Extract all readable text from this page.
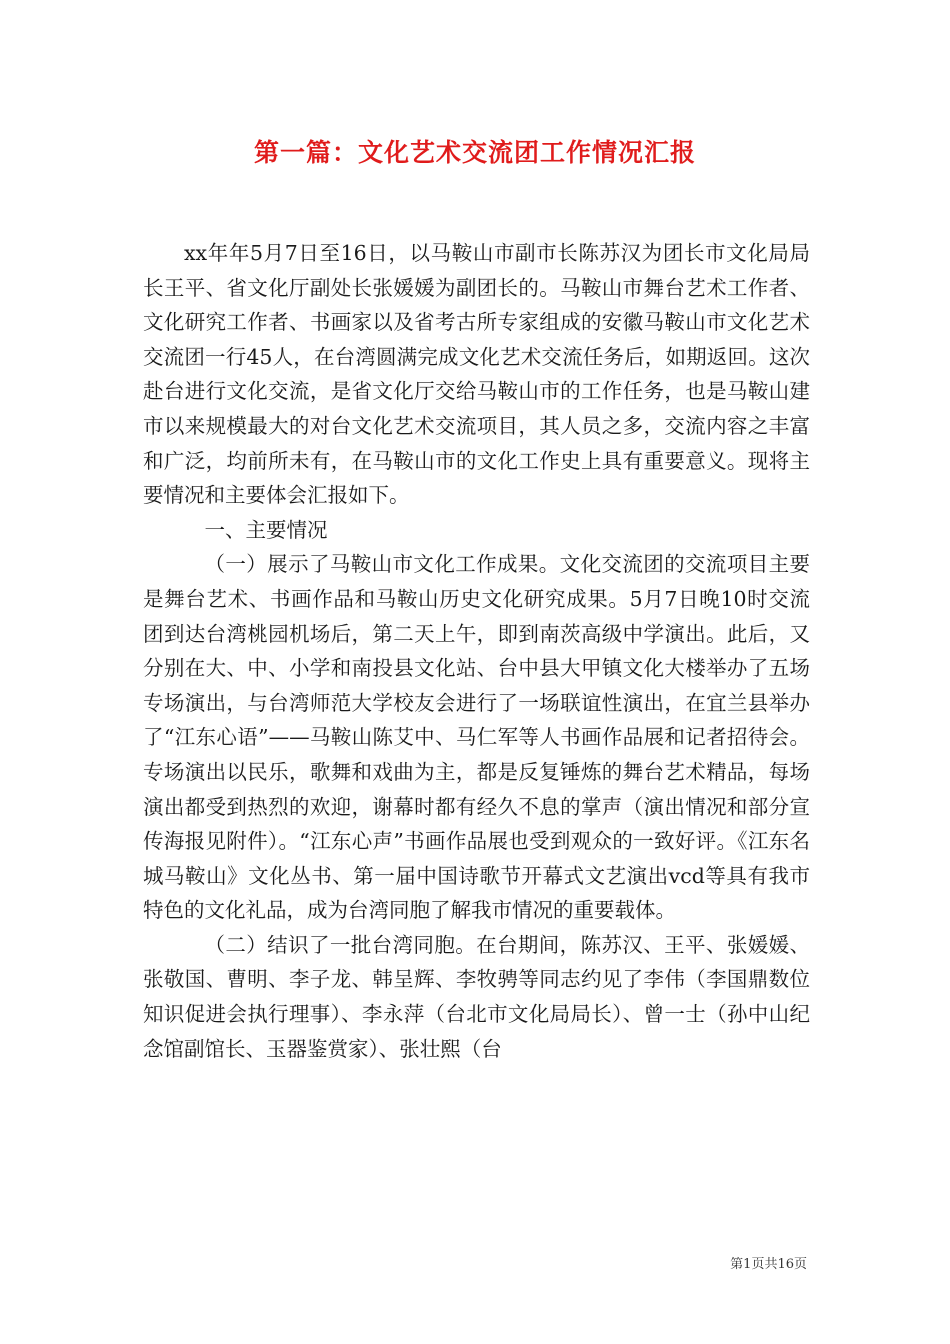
第一篇：文化艺术交流团工作情况汇报

xx年年5月7日至16日，以马鞍山市副市长陈苏汉为团长市文化局局长王平、省文化厅副处长张媛媛为副团长的。马鞍山市舞台艺术工作者、文化研究工作者、书画家以及省考古所专家组成的安徽马鞍山市文化艺术交流团一行45人，在台湾圆满完成文化艺术交流任务后，如期返回。这次赴台进行文化交流，是省文化厅交给马鞍山市的工作任务，也是马鞍山建市以来规模最大的对台文化艺术交流项目，其人员之多，交流内容之丰富和广泛，均前所未有，在马鞍山市的文化工作史上具有重要意义。现将主要情况和主要体会汇报如下。

一、主要情况

（一）展示了马鞍山市文化工作成果。文化交流团的交流项目主要是舞台艺术、书画作品和马鞍山历史文化研究成果。5月7日晚10时交流团到达台湾桃园机场后，第二天上午，即到南茨高级中学演出。此后，又分别在大、中、小学和南投县文化站、台中县大甲镇文化大楼举办了五场专场演出，与台湾师范大学校友会进行了一场联谊性演出，在宜兰县举办了“江东心语”——马鞍山陈艾中、马仁军等人书画作品展和记者招待会。专场演出以民乐，歌舞和戏曲为主，都是反复锤炼的舞台艺术精品，每场演出都受到热烈的欢迎，谢幕时都有经久不息的掌声（演出情况和部分宣传海报见附件）。“江东心声”书画作品展也受到观众的一致好评。《江东名城马鞍山》文化丛书、第一届中国诗歌节开幕式文艺演出vcd等具有我市特色的文化礼品，成为台湾同胞了解我市情况的重要载体。

（二）结识了一批台湾同胞。在台期间，陈苏汉、王平、张媛媛、张敬国、曹明、李子龙、韩呈辉、李牧骋等同志约见了李伟（李国鼎数位知识促进会执行理事）、李永萍（台北市文化局局长）、曾一士（孙中山纪念馆副馆长、玉器鉴赏家）、张壮熙（台

第1页共16页
